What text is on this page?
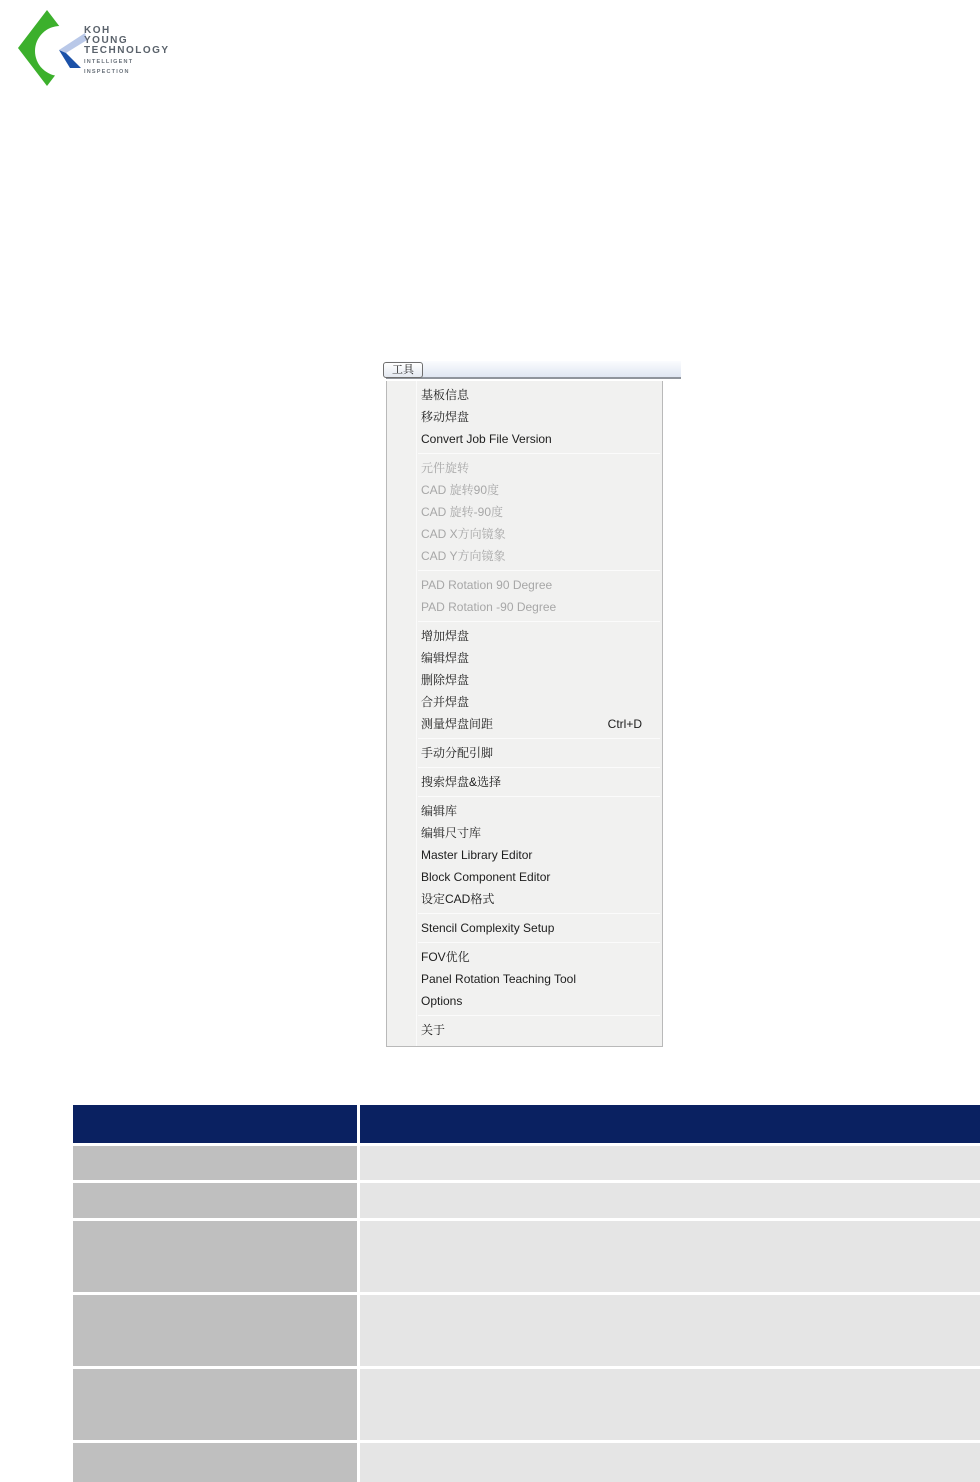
KOH
YOUNG
TECHNOLOGY
INTELLIGENT
INSPECTION
工具
基板信息
移动焊盘
Convert Job File Version
元件旋转
CAD 旋转90度
CAD 旋转-90度
CAD X方向镜象
CAD Y方向镜象
PAD Rotation 90 Degree
PAD Rotation -90 Degree
增加焊盘
编辑焊盘
删除焊盘
合并焊盘
测量焊盘间距	Ctrl+D
手动分配引脚
搜索焊盘&选择
编辑库
编辑尺寸库
Master Library Editor
Block Component Editor
设定CAD格式
Stencil Complexity Setup
FOV优化
Panel Rotation Teaching Tool
Options
关于
